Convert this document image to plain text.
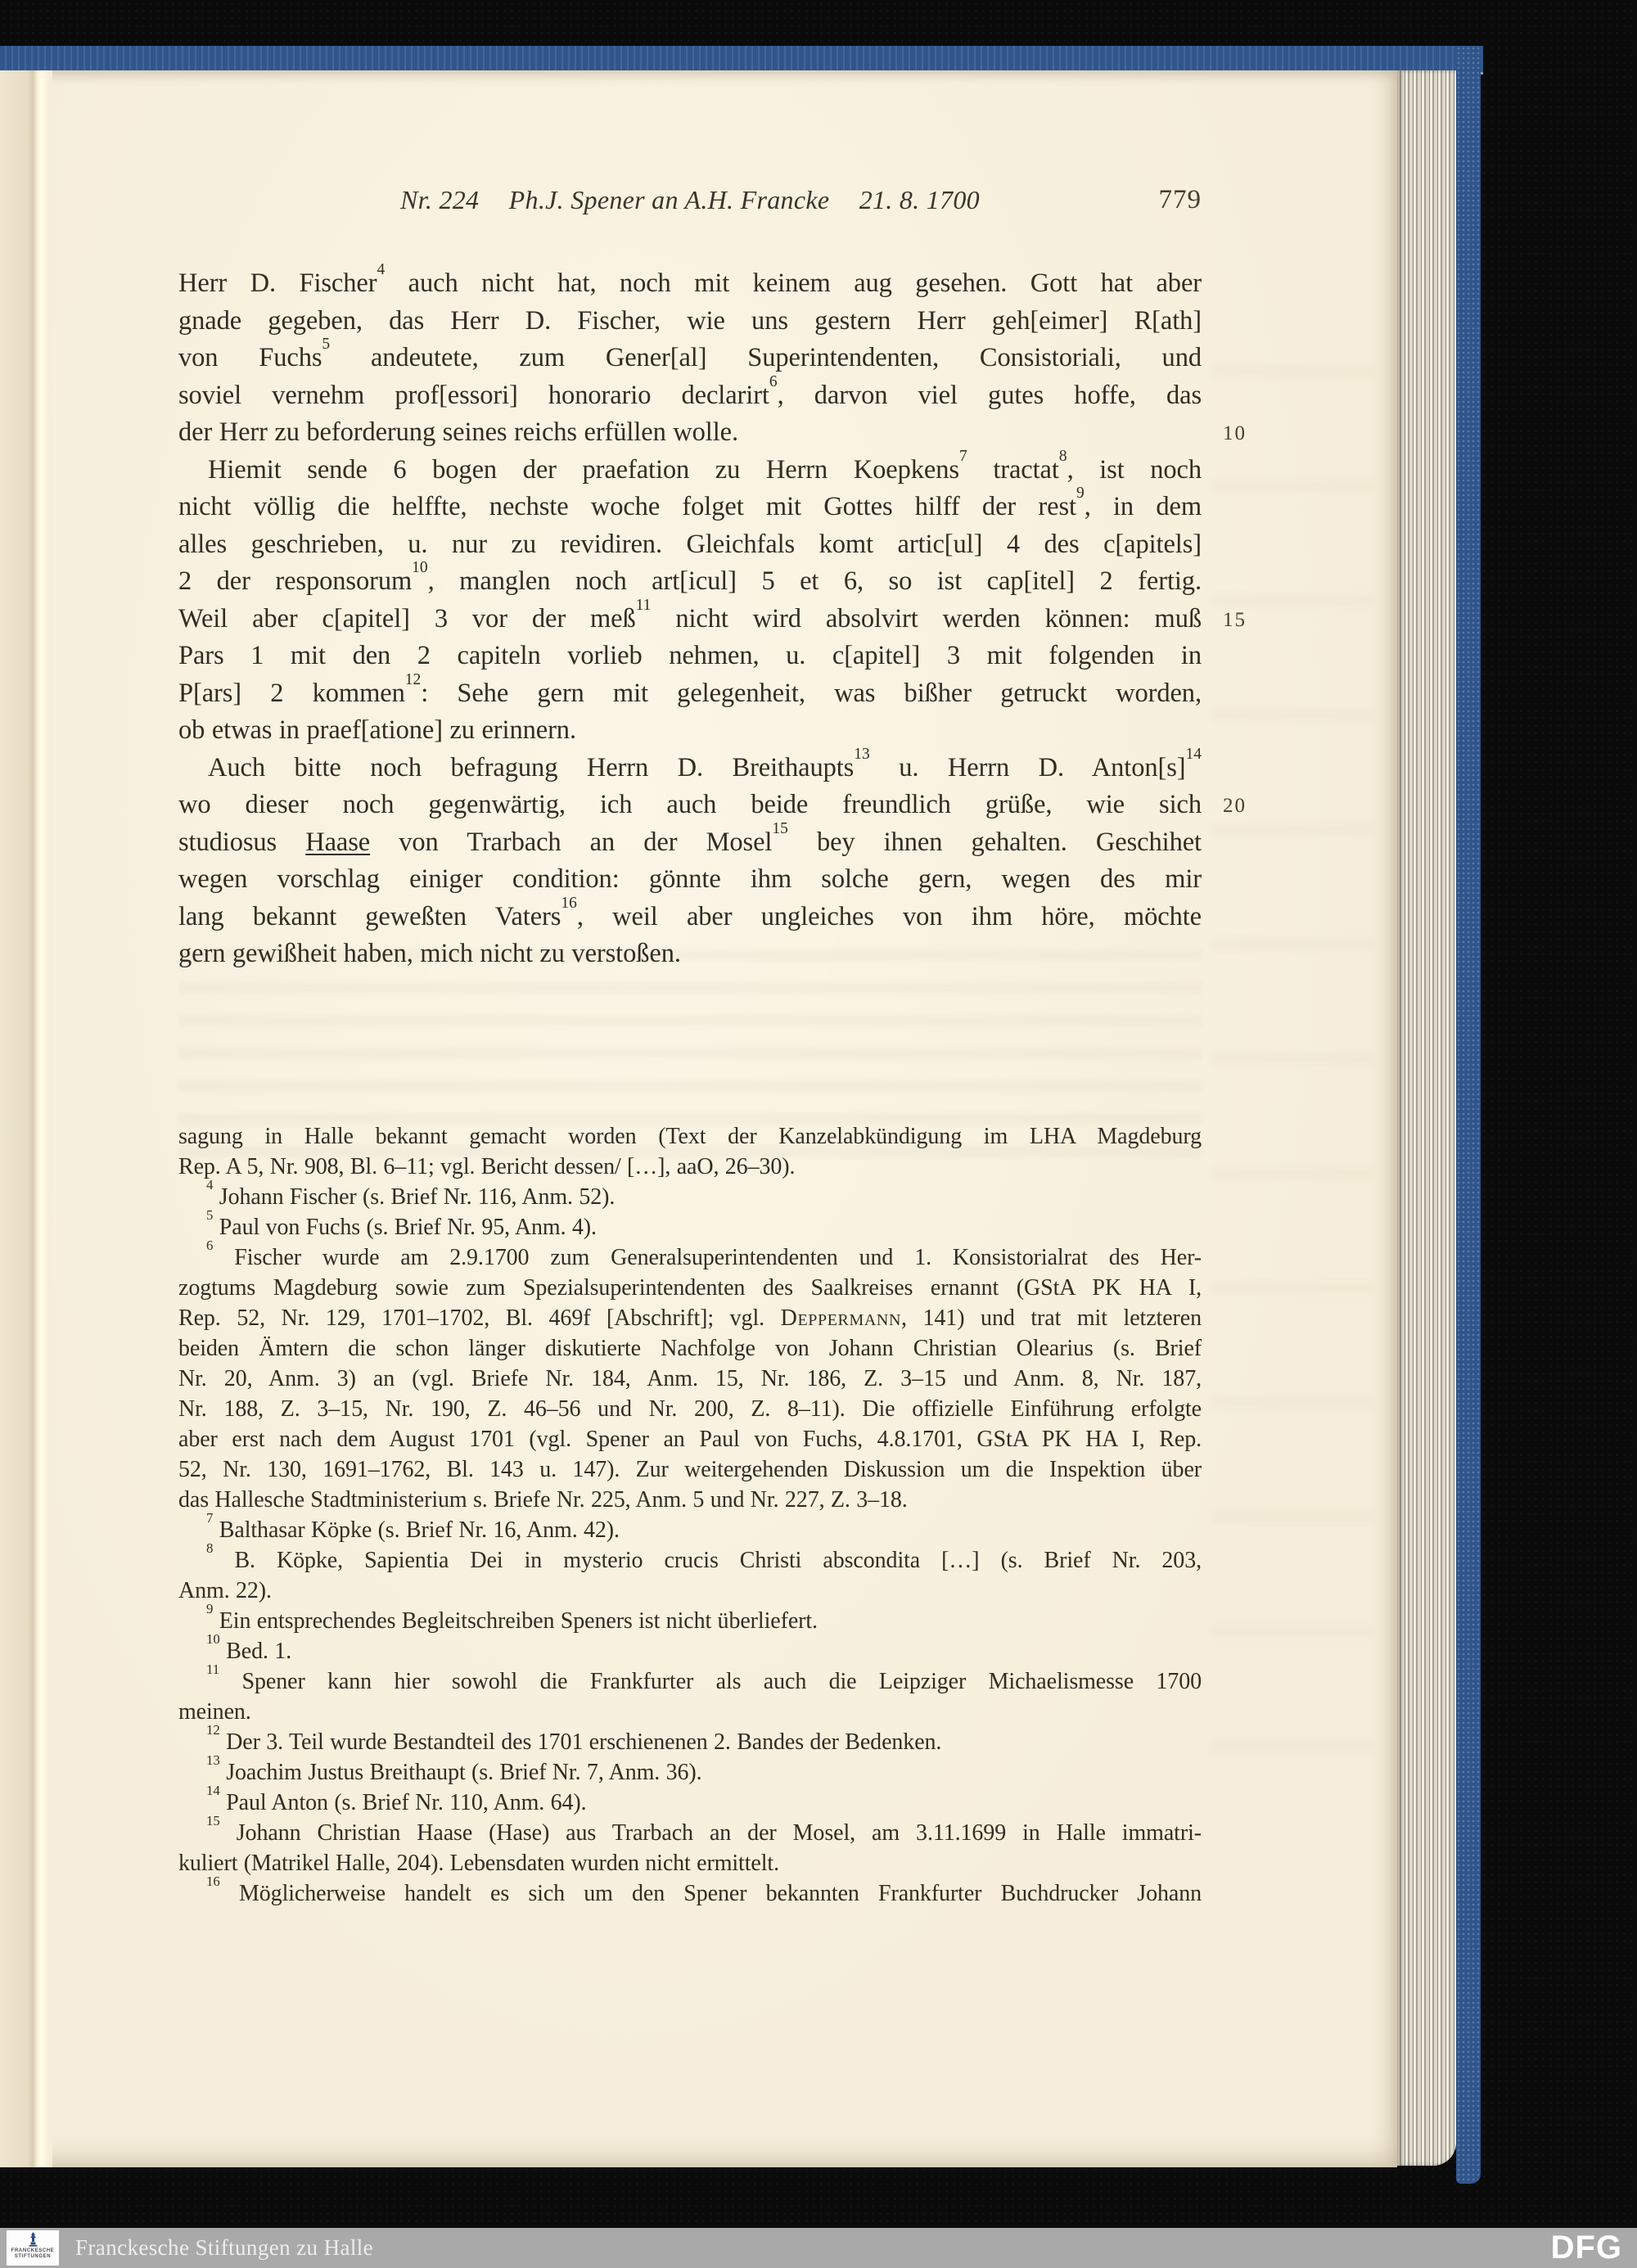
Nr. 224 Ph.J. Spener an A.H. Francke 21. 8. 1700	779
Herr D. Fischer$^4$ auch nicht hat, noch mit keinem aug gesehen. Gott hat aber
gnade gegeben, das Herr D. Fischer, wie uns gestern Herr geh[eimer] R[ath]
von Fuchs$^5$ andeutete, zum Gener[al] Superintendenten, Consistoriali, und
soviel vernehm prof[essori] honorario declarirt$^6$, darvon viel gutes hoffe, das
der Herr zu beforderung seines reichs erfüllen wolle.	10
Hiemit sende 6 bogen der praefation zu Herrn Koepkens$^7$ tractat$^8$, ist noch
nicht völlig die helffte, nechste woche folget mit Gottes hilff der rest$^9$, in dem
alles geschrieben, u. nur zu revidiren. Gleichfals komt artic[ul] 4 des c[apitels]
2 der responsorum$^{10}$, manglen noch art[icul] 5 et 6, so ist cap[itel] 2 fertig.
Weil aber c[apitel] 3 vor der meß$^{11}$ nicht wird absolvirt werden können: muß 15
Pars 1 mit den 2 capiteln vorlieb nehmen, u. c[apitel] 3 mit folgenden in
P[ars] 2 kommen$^{12}$: Sehe gern mit gelegenheit, was bißher getruckt worden,
ob etwas in praef[atione] zu erinnern.
Auch bitte noch befragung Herrn D. Breithaupts$^{13}$ u. Herrn D. $Anton[s]^{14}$
wo dieser noch gegenwärtig, ich auch beide freundlich grüße, wie sich 20
studiosus Haase von Trarbach an der Mosel$^{15}$ bey ihnen gehalten. Geschihet
wegen vorschlag einiger condition: gönnte ihm solche gern, wegen des mir
lang bekannt geweßten Vaters$^{16}$, weil aber ungleiches von ihm höre, möchte
gern gewißheit haben, mich nicht zu verstoßen.
sagung in Halle bekannt gemacht worden (Text der Kanzelabkündigung im LHA Magdeburg
Rep. A 5, Nr. 908, Bl. 6–11; vgl. Bericht dessen/ […], aaO, 26–30).
$^4$ Johann Fischer (s. Brief Nr. 116, Anm. 52).
$^5$ Paul von Fuchs (s. Brief Nr. 95, Anm. 4).
$^6$ Fischer wurde am 2.9.1700 zum Generalsuperintendenten und 1. Konsistorialrat des Her-
zogtums Magdeburg sowie zum Spezialsuperintendenten des Saalkreises ernannt (GStA PK HA I,
Rep. 52, Nr. 129, 1701–1702, Bl. 469f [Abschrift]; vgl. Deppermann, 141) und trat mit letzteren
beiden Ämtern die schon länger diskutierte Nachfolge von Johann Christian Olearius (s. Brief
Nr. 20, Anm. 3) an (vgl. Briefe Nr. 184, Anm. 15, Nr. 186, Z. 3–15 und Anm. 8, Nr. 187,
Nr. 188, Z. 3–15, Nr. 190, Z. 46–56 und Nr. 200, Z. 8–11). Die offizielle Einführung erfolgte
aber erst nach dem August 1701 (vgl. Spener an Paul von Fuchs, 4.8.1701, GStA PK HA I, Rep.
52, Nr. 130, 1691–1762, Bl. 143 u. 147). Zur weitergehenden Diskussion um die Inspektion über
das Hallesche Stadtministerium s. Briefe Nr. 225, Anm. 5 und Nr. 227, Z. 3–18.
$^7$ Balthasar Köpke (s. Brief Nr. 16, Anm. 42).
$^8$ B. Köpke, Sapientia Dei in mysterio crucis Christi abscondita […] (s. Brief Nr. 203,
Anm. 22).
$^9$ Ein entsprechendes Begleitschreiben Speners ist nicht überliefert.
$^{10}$ Bed. 1.
$^{11}$ Spener kann hier sowohl die Frankfurter als auch die Leipziger Michaelismesse 1700
meinen.
$^{12}$ Der 3. Teil wurde Bestandteil des 1701 erschienenen 2. Bandes der Bedenken.
$^{13}$ Joachim Justus Breithaupt (s. Brief Nr. 7, Anm. 36).
$^{14}$ Paul Anton (s. Brief Nr. 110, Anm. 64).
$^{15}$ Johann Christian Haase (Hase) aus Trarbach an der Mosel, am 3.11.1699 in Halle immatri-
kuliert (Matrikel Halle, 204). Lebensdaten wurden nicht ermittelt.
$^{16}$ Möglicherweise handelt es sich um den Spener bekannten Frankfurter Buchdrucker Johann
FRANCKESCHE
STIFTUNGEN Franckesche Stiftungen zu Halle	DFG
